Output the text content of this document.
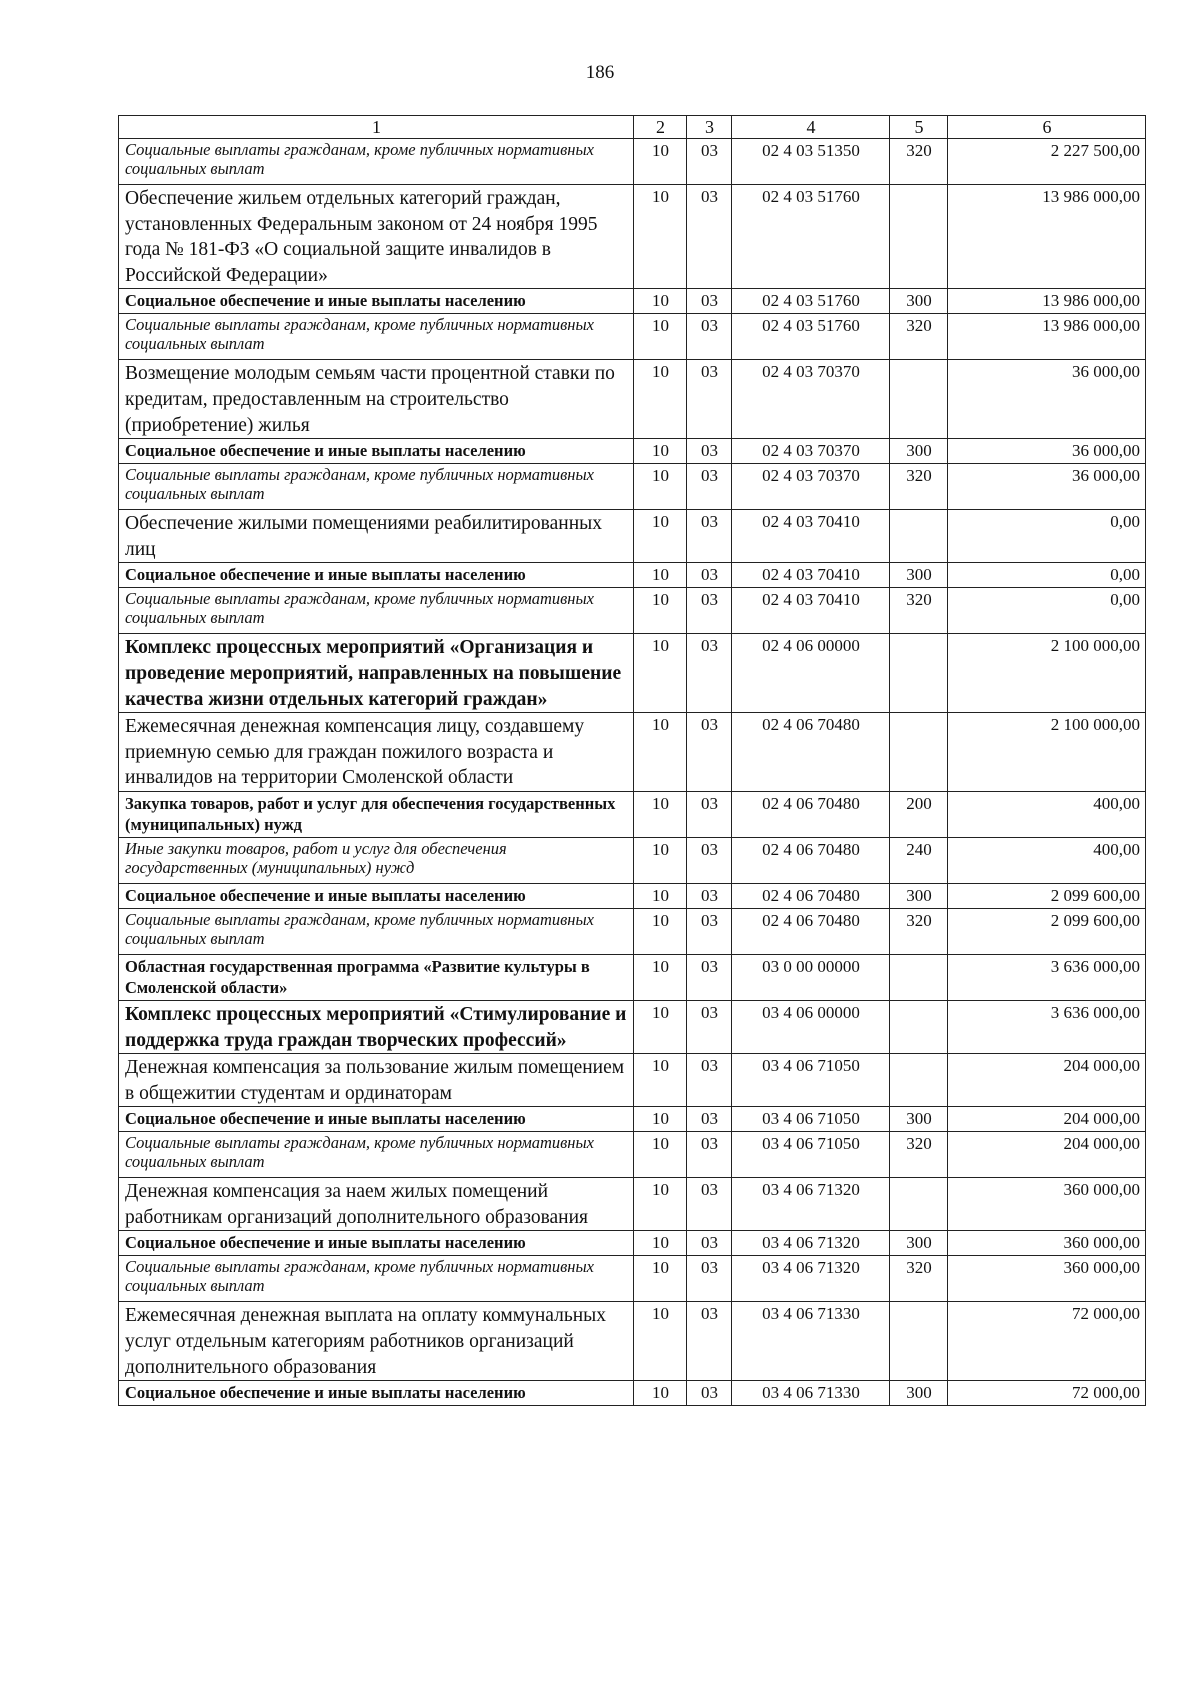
186
1	2	3	4	5	6
Социальные выплаты гражданам, кроме публичных нормативных социальных выплат	10	03	02 4 03 51350	320	2 227 500,00
Обеспечение жильем отдельных категорий граждан, установленных Федеральным законом от 24 ноября 1995 года № 181-ФЗ «О социальной защите инвалидов в Российской Федерации»	10	03	02 4 03 51760		13 986 000,00
Социальное обеспечение и иные выплаты населению	10	03	02 4 03 51760	300	13 986 000,00
Социальные выплаты гражданам, кроме публичных нормативных социальных выплат	10	03	02 4 03 51760	320	13 986 000,00
Возмещение молодым семьям части процентной ставки по кредитам, предоставленным на строительство (приобретение) жилья	10	03	02 4 03 70370		36 000,00
Социальное обеспечение и иные выплаты населению	10	03	02 4 03 70370	300	36 000,00
Социальные выплаты гражданам, кроме публичных нормативных социальных выплат	10	03	02 4 03 70370	320	36 000,00
Обеспечение жилыми помещениями реабилитированных лиц	10	03	02 4 03 70410		0,00
Социальное обеспечение и иные выплаты населению	10	03	02 4 03 70410	300	0,00
Социальные выплаты гражданам, кроме публичных нормативных социальных выплат	10	03	02 4 03 70410	320	0,00
Комплекс процессных мероприятий «Организация и проведение мероприятий, направленных на повышение качества жизни отдельных категорий граждан»	10	03	02 4 06 00000		2 100 000,00
Ежемесячная денежная компенсация лицу, создавшему приемную семью для граждан пожилого возраста и инвалидов на территории Смоленской области	10	03	02 4 06 70480		2 100 000,00
Закупка товаров, работ и услуг для обеспечения государственных (муниципальных) нужд	10	03	02 4 06 70480	200	400,00
Иные закупки товаров, работ и услуг для обеспечения государственных (муниципальных) нужд	10	03	02 4 06 70480	240	400,00
Социальное обеспечение и иные выплаты населению	10	03	02 4 06 70480	300	2 099 600,00
Социальные выплаты гражданам, кроме публичных нормативных социальных выплат	10	03	02 4 06 70480	320	2 099 600,00
Областная государственная программа «Развитие культуры в Смоленской области»	10	03	03 0 00 00000		3 636 000,00
Комплекс процессных мероприятий «Стимулирование и поддержка труда граждан творческих профессий»	10	03	03 4 06 00000		3 636 000,00
Денежная компенсация за пользование жилым помещением в общежитии студентам и ординаторам	10	03	03 4 06 71050		204 000,00
Социальное обеспечение и иные выплаты населению	10	03	03 4 06 71050	300	204 000,00
Социальные выплаты гражданам, кроме публичных нормативных социальных выплат	10	03	03 4 06 71050	320	204 000,00
Денежная компенсация за наем жилых помещений работникам организаций дополнительного образования	10	03	03 4 06 71320		360 000,00
Социальное обеспечение и иные выплаты населению	10	03	03 4 06 71320	300	360 000,00
Социальные выплаты гражданам, кроме публичных нормативных социальных выплат	10	03	03 4 06 71320	320	360 000,00
Ежемесячная денежная выплата на оплату коммунальных услуг отдельным категориям работников организаций дополнительного образования	10	03	03 4 06 71330		72 000,00
Социальное обеспечение и иные выплаты населению	10	03	03 4 06 71330	300	72 000,00
